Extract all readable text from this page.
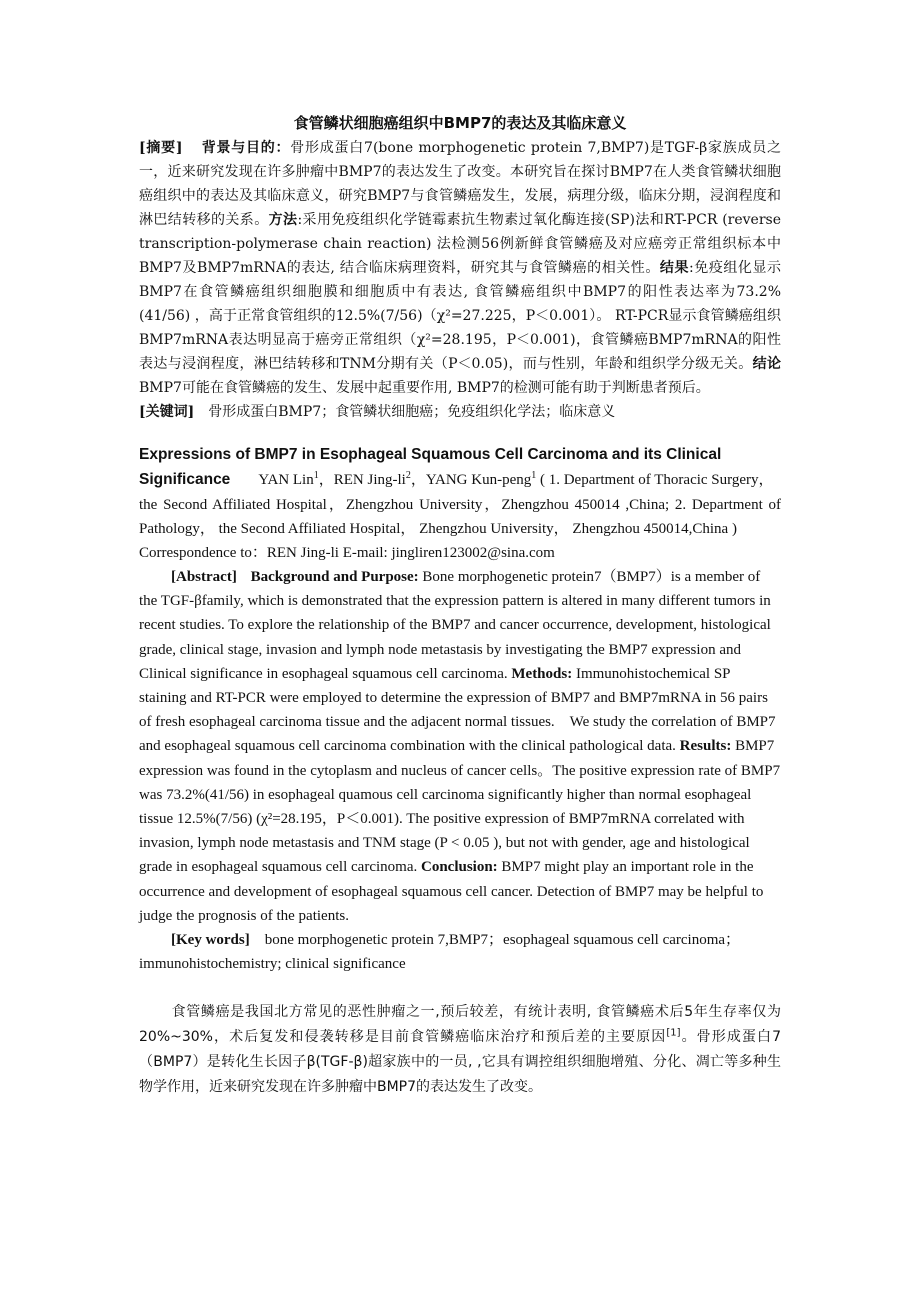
食管鳞状细胞癌组织中BMP7的表达及其临床意义

[摘要] 背景与目的：骨形成蛋白7(bone morphogenetic protein 7,BMP7)是TGF-β家族成员之一，近来研究发现在许多肿瘤中BMP7的表达发生了改变。本研究旨在探讨BMP7在人类食管鳞状细胞癌组织中的表达及其临床意义，研究BMP7与食管鳞癌发生，发展，病理分级，临床分期，浸润程度和淋巴结转移的关系。方法:采用免疫组织化学链霉素抗生物素过氧化酶连接(SP)法和RT-PCR (reverse transcription-polymerase chain reaction) 法检测56例新鲜食管鳞癌及对应癌旁正常组织标本中BMP7及BMP7mRNA的表达, 结合临床病理资料，研究其与食管鳞癌的相关性。结果:免疫组化显示BMP7在食管鳞癌组织细胞膜和细胞质中有表达, 食管鳞癌组织中BMP7的阳性表达率为73.2% (41/56) ，高于正常食管组织的12.5%(7/56)（χ²=27.225，P＜0.001）。 RT-PCR显示食管鳞癌组织BMP7mRNA表达明显高于癌旁正常组织（χ²=28.195，P＜0.001)，食管鳞癌BMP7mRNA的阳性表达与浸润程度，淋巴结转移和TNM分期有关（P＜0.05)，而与性别，年龄和组织学分级无关。结论 BMP7可能在食管鳞癌的发生、发展中起重要作用, BMP7的检测可能有助于判断患者预后。

[关键词]　骨形成蛋白BMP7；食管鳞状细胞癌；免疫组织化学法；临床意义

Expressions of BMP7 in Esophageal Squamous Cell Carcinoma and its Clinical
Significance YAN Lin$^1$，REN Jing-$li^2$，YANG Kun-peng$^1$ ( 1. Department of Thoracic Surgery，

the Second Affiliated Hospital，Zhengzhou University，Zhengzhou 450014 ,China; 2. Department of Pathology， the Second Affiliated Hospital， Zhengzhou University， Zhengzhou 450014,China )

Correspondence to：REN Jing-li E-mail: jingliren123002@sina.com

[Abstract] Background and Purpose: Bone morphogenetic protein7（BMP7）is a member of the TGF-βfamily, which is demonstrated that the expression pattern is altered in many different tumors in recent studies. To explore the relationship of the BMP7 and cancer occurrence, development, histological grade, clinical stage, invasion and lymph node metastasis by investigating the BMP7 expression and Clinical significance in esophageal squamous cell carcinoma. Methods: Immunohistochemical SP staining and RT-PCR were employed to determine the expression of BMP7 and BMP7mRNA in 56 pairs of fresh esophageal carcinoma tissue and the adjacent normal tissues.　We study the correlation of BMP7 and esophageal squamous cell carcinoma combination with the clinical pathological data. Results: BMP7 expression was found in the cytoplasm and nucleus of cancer cells。The positive expression rate of BMP7 was 73.2%(41/56) in esophageal quamous cell carcinoma significantly higher than normal esophageal tissue 12.5%(7/56) (χ²=28.195，P＜0.001). The positive expression of BMP7mRNA correlated with invasion, lymph node metastasis and TNM stage (P < 0.05 ), but not with gender, age and histological grade in esophageal squamous cell carcinoma. Conclusion: BMP7 might play an important role in the occurrence and development of esophageal squamous cell cancer. Detection of BMP7 may be helpful to judge the prognosis of the patients.

[Key words]　bone morphogenetic protein 7,BMP7；esophageal squamous cell carcinoma；immunohistochemistry; clinical significance

食管鳞癌是我国北方常见的恶性肿瘤之一,预后较差，有统计表明, 食管鳞癌术后5年生存率仅为20%~30%，术后复发和侵袭转移是目前食管鳞癌临床治疗和预后差的主要原因[1]。骨形成蛋白7（BMP7）是转化生长因子β(TGF-β)超家族中的一员, ,它具有调控组织细胞增殖、分化、凋亡等多种生物学作用，近来研究发现在许多肿瘤中BMP7的表达发生了改变。
